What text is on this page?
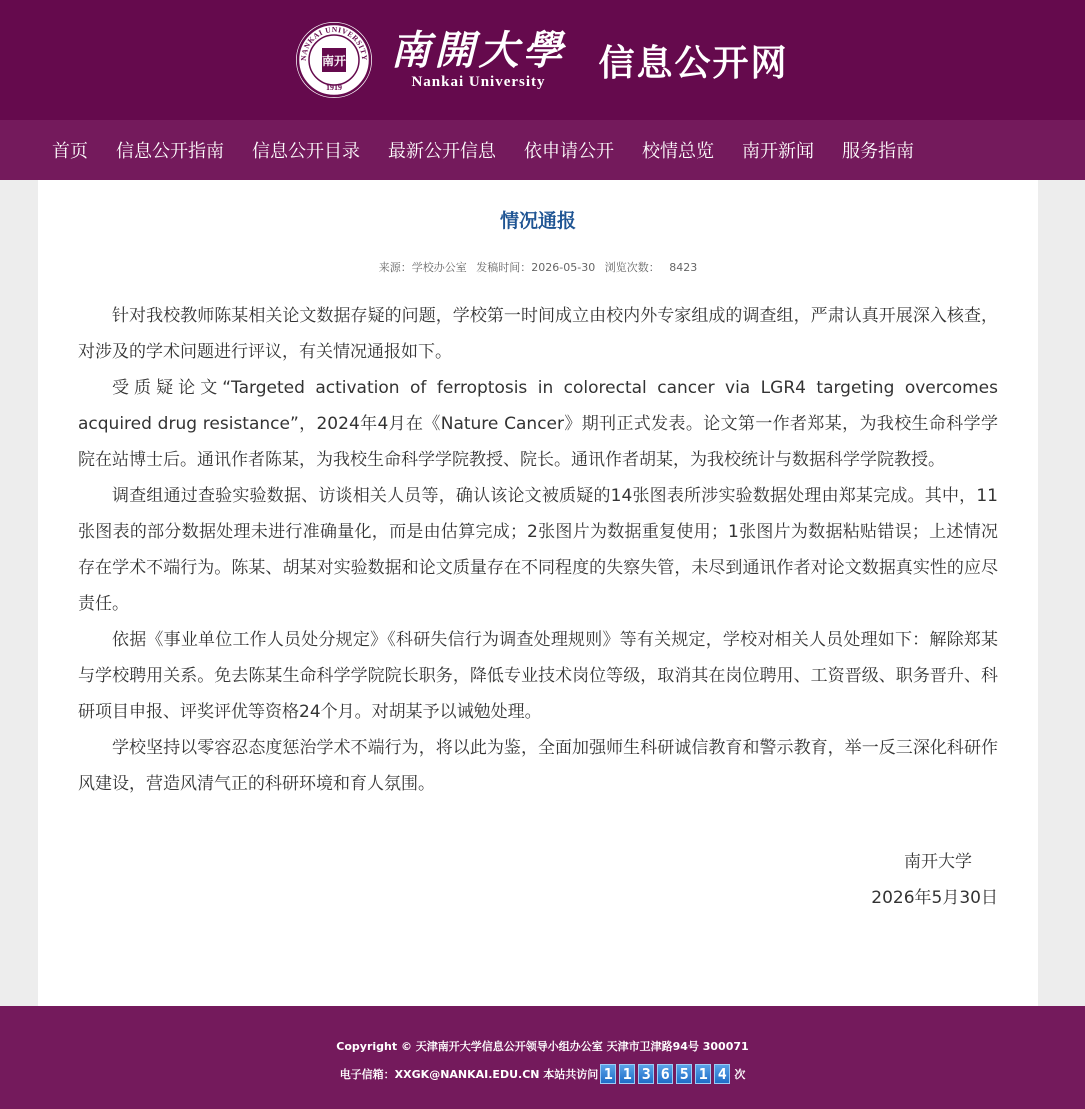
NANKAI UNIVERSITY
南开
1919
南開大學
Nankai University 信息公开网
首页 信息公开指南 信息公开目录 最新公开信息 依申请公开 校情总览 南开新闻 服务指南
情况通报
来源：学校办公室 发稿时间：2026-05-30 浏览次数： 8423

针对我校教师陈某相关论文数据存疑的问题，学校第一时间成立由校内外专家组成的调查组，严肃认真开展深入核查，对涉及的学术问题进行评议，有关情况通报如下。

受质疑论文“Targeted activation of ferroptosis in colorectal cancer via LGR4 targeting overcomes acquired drug resistance”，2024年4月在《Nature Cancer》期刊正式发表。论文第一作者郑某，为我校生命科学学院在站博士后。通讯作者陈某，为我校生命科学学院教授、院长。通讯作者胡某，为我校统计与数据科学学院教授。

调查组通过查验实验数据、访谈相关人员等，确认该论文被质疑的14张图表所涉实验数据处理由郑某完成。其中，11张图表的部分数据处理未进行准确量化，而是由估算完成；2张图片为数据重复使用；1张图片为数据粘贴错误；上述情况存在学术不端行为。陈某、胡某对实验数据和论文质量存在不同程度的失察失管，未尽到通讯作者对论文数据真实性的应尽责任。

依据《事业单位工作人员处分规定》《科研失信行为调查处理规则》等有关规定，学校对相关人员处理如下：解除郑某与学校聘用关系。免去陈某生命科学学院院长职务，降低专业技术岗位等级，取消其在岗位聘用、工资晋级、职务晋升、科研项目申报、评奖评优等资格24个月。对胡某予以诫勉处理。

学校坚持以零容忍态度惩治学术不端行为，将以此为鉴，全面加强师生科研诚信教育和警示教育，举一反三深化科研作风建设，营造风清气正的科研环境和育人氛围。

南开大学
2026年5月30日
Copyright © 天津南开大学信息公开领导小组办公室 天津市卫津路94号 300071
电子信箱：XXGK@NANKAI.EDU.CN 本站共访问 1 1 3 6 5 1 4 次
